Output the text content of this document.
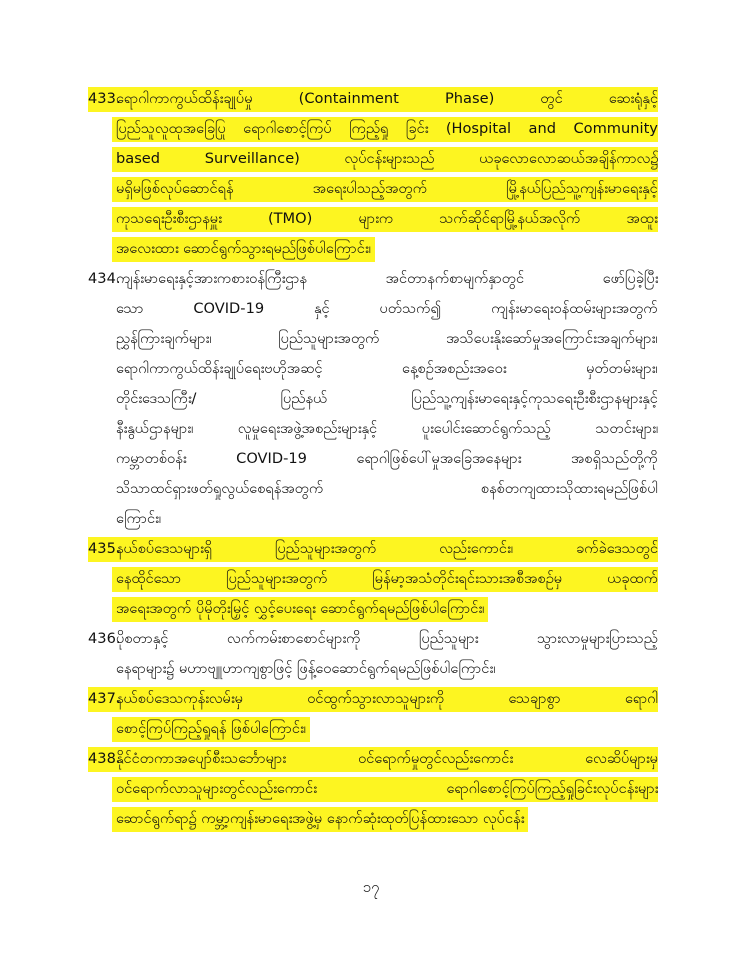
433.
ရောဂါကာကွယ်ထိန်းချုပ်မှု (Containment Phase) တွင် ဆေးရုံနှင့်
ပြည်သူလူထုအခြေပြု ရောဂါစောင့်ကြပ် ကြည့်ရှု ခြင်း (Hospital and Community
based Surveillance) လုပ်ငန်းများသည် ယခုလောလောဆယ်အချိန်ကာလ၌
မရှိမဖြစ်လုပ်ဆောင်ရန် အရေးပါသည့်အတွက် မြို့နယ်ပြည်သူ့ကျန်းမာရေးနှင့်
ကုသရေးဦးစီးဌာနမှူး (TMO) များက သက်ဆိုင်ရာမြို့နယ်အလိုက် အထူး
အလေးထား ဆောင်ရွက်သွားရမည်ဖြစ်ပါကြောင်း၊
434.
ကျန်းမာရေးနှင့်အားကစားဝန်ကြီးဌာန အင်တာနက်စာမျက်နှာတွင် ဖော်ပြခဲ့ပြီး
သော COVID-19 နှင့် ပတ်သက်၍ ကျန်းမာရေးဝန်ထမ်းများအတွက်
ညွှန်ကြားချက်များ၊ ပြည်သူများအတွက် အသိပေးနိုးဆော်မှုအကြောင်းအချက်များ၊
ရောဂါကာကွယ်ထိန်းချုပ်ရေးဗဟိုအဆင့် နေ့စဉ်အစည်းအဝေး မှတ်တမ်းများ၊
တိုင်းဒေသကြီး/ ပြည်နယ် ပြည်သူ့ကျန်းမာရေးနှင့်ကုသရေးဦးစီးဌာနများနှင့်
နီးနွယ်ဌာနများ၊ လူမှုရေးအဖွဲ့အစည်းများနှင့် ပူးပေါင်းဆောင်ရွက်သည့် သတင်းများ၊
ကမ္ဘာတစ်ဝန်း COVID-19 ရောဂါဖြစ်ပေါ်မှုအခြေအနေများ အစရှိသည်တို့ကို
သိသာထင်ရှားဖတ်ရှုလွယ်စေရန်အတွက် စနစ်တကျထားသိုထားရမည်ဖြစ်ပါ
ကြောင်း၊
435.
နယ်စပ်ဒေသများရှိ ပြည်သူများအတွက် လည်းကောင်း၊ ခက်ခဲဒေသတွင်
နေထိုင်သော ပြည်သူများအတွက် မြန်မာ့အသံတိုင်းရင်းသားအစီအစဉ်မှ ယခုထက်
အရေးအတွက် ပိုမိုတိုးမြှင့် လွှင့်ပေးရေး ဆောင်ရွက်ရမည်ဖြစ်ပါကြောင်း၊
436.
ပိုစတာနှင့် လက်ကမ်းစာစောင်များကို ပြည်သူများ သွားလာမှုများပြားသည့်
နေရာများ၌ မဟာဗျူဟာကျစွာဖြင့် ဖြန့်ဝေဆောင်ရွက်ရမည်ဖြစ်ပါကြောင်း၊
437.
နယ်စပ်ဒေသကုန်းလမ်းမှ ဝင်ထွက်သွားလာသူများကို သေချာစွာ ရောဂါ
စောင့်ကြပ်ကြည့်ရှုရန် ဖြစ်ပါကြောင်း၊
438.
နိုင်ငံတကာအပျော်စီးသင်္ဘောများ ဝင်ရောက်မှုတွင်လည်းကောင်း လေဆိပ်များမှ
ဝင်ရောက်လာသူများတွင်လည်းကောင်း ရောဂါစောင့်ကြပ်ကြည့်ရှုခြင်းလုပ်ငန်းများ
ဆောင်ရွက်ရာ၌ ကမ္ဘာ့ကျန်းမာရေးအဖွဲ့မှ နောက်ဆုံးထုတ်ပြန်ထားသော လုပ်ငန်း
၁၇
